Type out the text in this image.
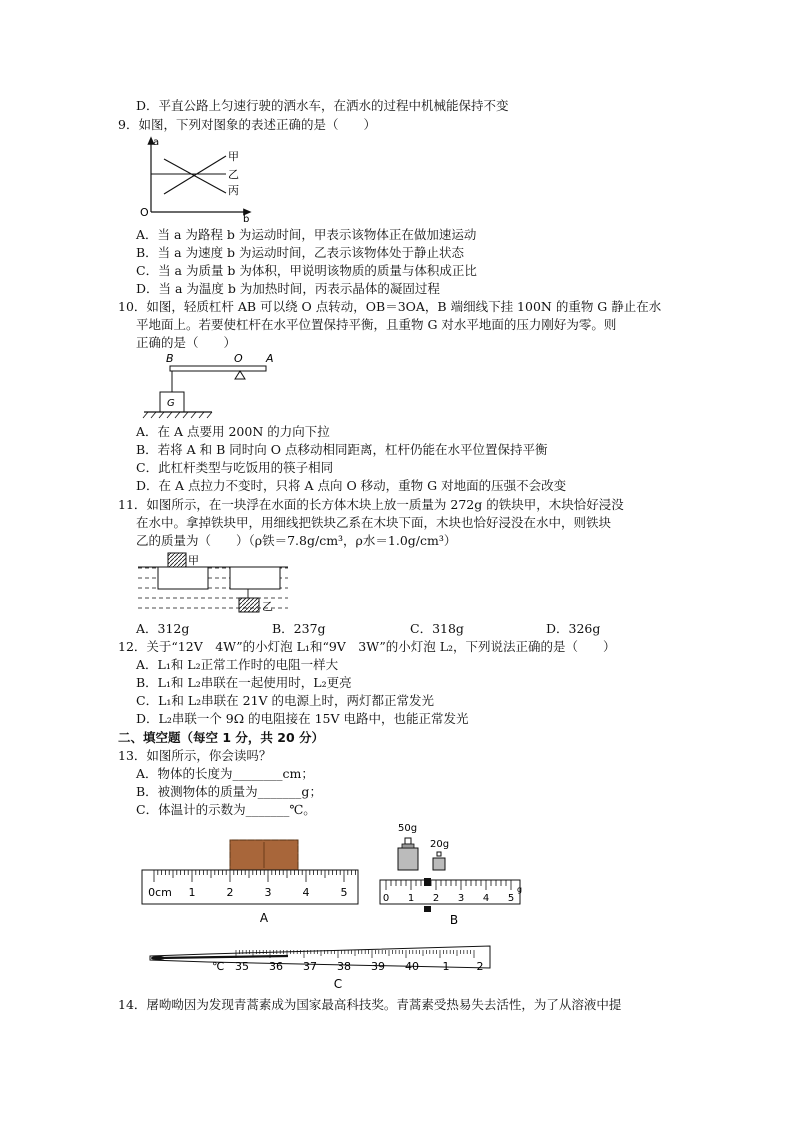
D．平直公路上匀速行驶的洒水车，在洒水的过程中机械能保持不变
9．如图，下列对图象的表述正确的是（　　）
a
O
b
甲
乙
丙
A．当 a 为路程 b 为运动时间，甲表示该物体正在做加速运动
B．当 a 为速度 b 为运动时间，乙表示该物体处于静止状态
C．当 a 为质量 b 为体积，甲说明该物质的质量与体积成正比
D．当 a 为温度 b 为加热时间，丙表示晶体的凝固过程
10．如图，轻质杠杆 AB 可以绕 O 点转动，OB＝3OA，B 端细线下挂 100N 的重物 G 静止在水
平地面上。若要使杠杆在水平位置保持平衡，且重物 G 对水平地面的压力刚好为零。则
正确的是（　　）
B	O A
G
A．在 A 点要用 200N 的力向下拉
B．若将 A 和 B 同时向 O 点移动相同距离，杠杆仍能在水平位置保持平衡
C．此杠杆类型与吃饭用的筷子相同
D．在 A 点拉力不变时，只将 A 点向 O 移动，重物 G 对地面的压强不会改变
11．如图所示，在一块浮在水面的长方体木块上放一质量为 272g 的铁块甲，木块恰好浸没
在水中。拿掉铁块甲，用细线把铁块乙系在木块下面，木块也恰好浸没在水中，则铁块
乙的质量为（　　）（ρ铁＝7.8g/cm³，ρ水＝1.0g/cm³）
甲
乙
A．312g	B．237g	C．318g	D．326g
12．关于“12V　4W”的小灯泡 L₁和“9V　3W”的小灯泡 L₂，下列说法正确的是（　　）
A．L₁和 L₂正常工作时的电阻一样大
B．L₁和 L₂串联在一起使用时，L₂更亮
C．L₁和 L₂串联在 21V 的电源上时，两灯都正常发光
D．L₂串联一个 9Ω 的电阻接在 15V 电路中，也能正常发光
二、填空题（每空 1 分，共 20 分）
13．如图所示，你会读吗？
A．物体的长度为________cm；
B．被测物体的质量为_______g；
C．体温计的示数为_______℃。
0cm 1	2	3	4	5
A
50g
20g
0 1 2 3 4 5
g
B
℃ 35 36 37 38 39 40 1 2
C
14．屠呦呦因为发现青蒿素成为国家最高科技奖。青蒿素受热易失去活性，为了从溶液中提
